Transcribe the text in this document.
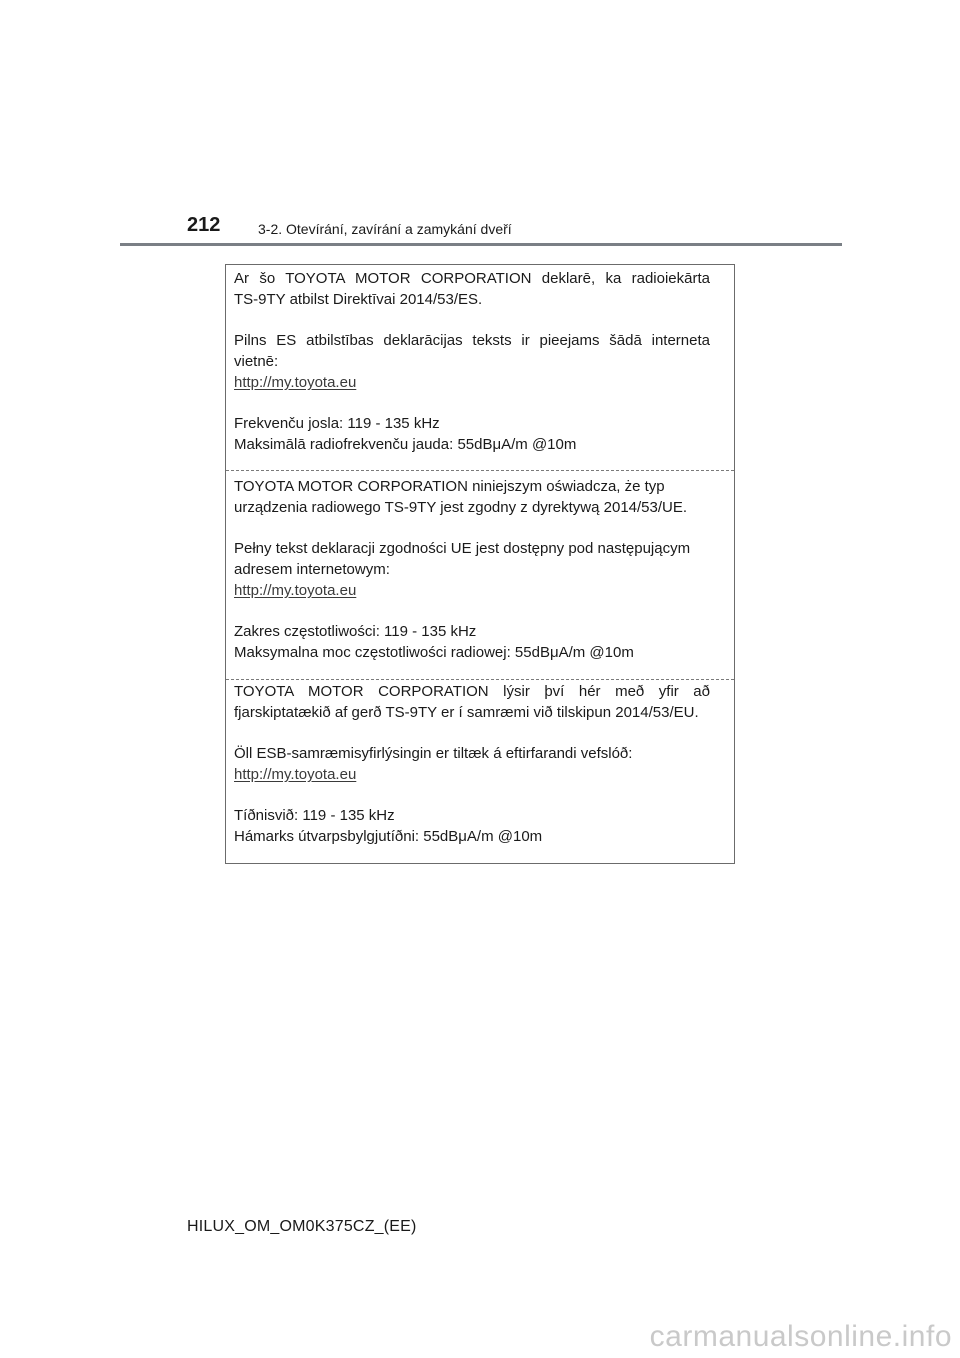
212	3-2. Otevírání, zavírání a zamykání dveří
Ar šo TOYOTA MOTOR CORPORATION deklarē, ka radioiekārta
TS-9TY atbilst Direktīvai 2014/53/ES.
Pilns ES atbilstības deklarācijas teksts ir pieejams šādā interneta
vietnē:
http://my.toyota.eu
Frekvenču josla: 119 - 135 kHz
Maksimālā radiofrekvenču jauda: 55dBμA/m @10m
TOYOTA MOTOR CORPORATION niniejszym oświadcza, że typ
urządzenia radiowego TS-9TY jest zgodny z dyrektywą 2014/53/UE.
Pełny tekst deklaracji zgodności UE jest dostępny pod następującym
adresem internetowym:
http://my.toyota.eu
Zakres częstotliwości: 119 - 135 kHz
Maksymalna moc częstotliwości radiowej: 55dBμA/m @10m
TOYOTA MOTOR CORPORATION lýsir því hér með yfir að
fjarskiptatækið af gerð TS-9TY er í samræmi við tilskipun 2014/53/EU.
Öll ESB-samræmisyfirlýsingin er tiltæk á eftirfarandi vefslóð:
http://my.toyota.eu
Tíðnisvið: 119 - 135 kHz
Hámarks útvarpsbylgjutíðni: 55dBμA/m @10m
HILUX_OM_OM0K375CZ_(EE)
carmanualsonline.info
